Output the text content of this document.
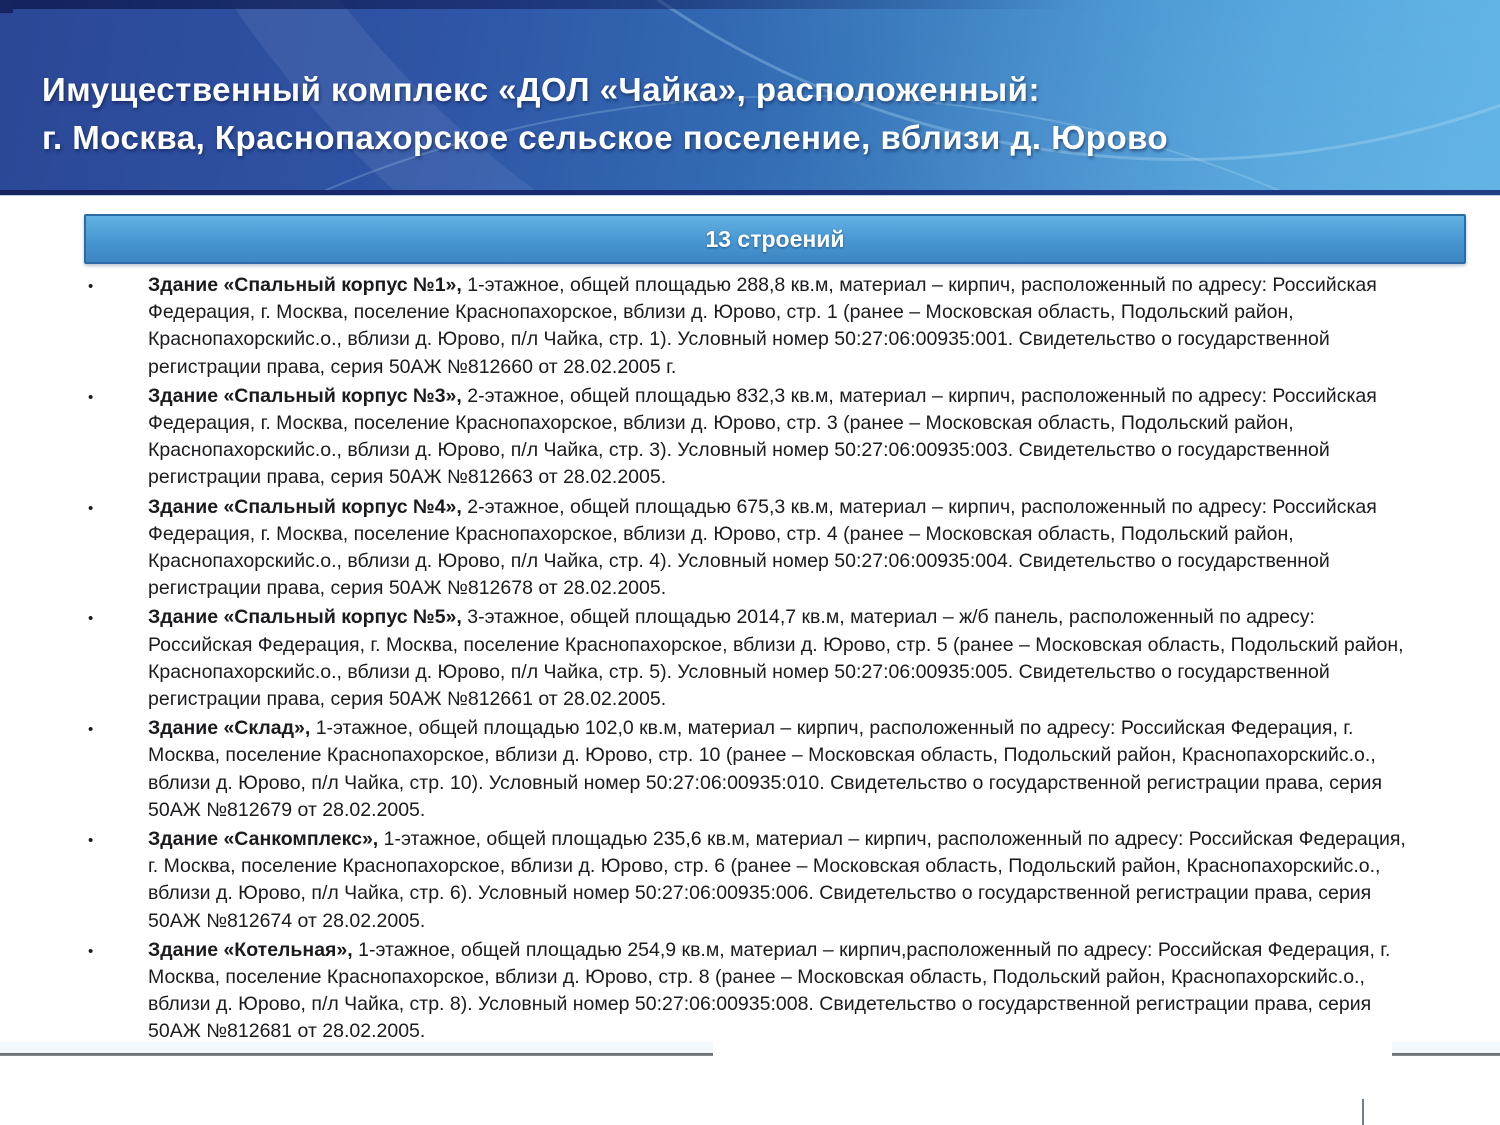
Имущественный комплекс «ДОЛ «Чайка», расположенный:
г. Москва, Краснопахорское сельское поселение, вблизи д. Юрово
13 строений
•	Здание «Спальный корпус №1», 1-этажное, общей площадью 288,8 кв.м, материал – кирпич, расположенный по адресу: Российская Федерация, г. Москва, поселение Краснопахорское, вблизи д. Юрово, стр. 1 (ранее – Московская область, Подольский район, Краснопахорскийс.о., вблизи д. Юрово, п/л Чайка, стр. 1). Условный номер 50:27:06:00935:001. Свидетельство о государственной регистрации права, серия 50АЖ №812660 от 28.02.2005 г.
•	Здание «Спальный корпус №3», 2-этажное, общей площадью 832,3 кв.м, материал – кирпич, расположенный по адресу: Российская Федерация, г. Москва, поселение Краснопахорское, вблизи д. Юрово, стр. 3 (ранее – Московская область, Подольский район, Краснопахорскийс.о., вблизи д. Юрово, п/л Чайка, стр. 3). Условный номер 50:27:06:00935:003. Свидетельство о государственной регистрации права, серия 50АЖ №812663 от 28.02.2005.
•	Здание «Спальный корпус №4», 2-этажное, общей площадью 675,3 кв.м, материал – кирпич, расположенный по адресу: Российская Федерация, г. Москва, поселение Краснопахорское, вблизи д. Юрово, стр. 4 (ранее – Московская область, Подольский район, Краснопахорскийс.о., вблизи д. Юрово, п/л Чайка, стр. 4). Условный номер 50:27:06:00935:004. Свидетельство о государственной регистрации права, серия 50АЖ №812678 от 28.02.2005.
•	Здание «Спальный корпус №5», 3-этажное, общей площадью 2014,7 кв.м, материал – ж/б панель, расположенный по адресу: Российская Федерация, г. Москва, поселение Краснопахорское, вблизи д. Юрово, стр. 5 (ранее – Московская область, Подольский район, Краснопахорскийс.о., вблизи д. Юрово, п/л Чайка, стр. 5). Условный номер 50:27:06:00935:005. Свидетельство о государственной регистрации права, серия 50АЖ №812661 от 28.02.2005.
•	Здание «Склад», 1-этажное, общей площадью 102,0 кв.м, материал – кирпич, расположенный по адресу: Российская Федерация, г. Москва, поселение Краснопахорское, вблизи д. Юрово, стр. 10 (ранее – Московская область, Подольский район, Краснопахорскийс.о., вблизи д. Юрово, п/л Чайка, стр. 10). Условный номер 50:27:06:00935:010. Свидетельство о государственной регистрации права, серия 50АЖ №812679 от 28.02.2005.
•	Здание «Санкомплекс», 1-этажное, общей площадью 235,6 кв.м, материал – кирпич, расположенный по адресу: Российская Федерация, г. Москва, поселение Краснопахорское, вблизи д. Юрово, стр. 6 (ранее – Московская область, Подольский район, Краснопахорскийс.о., вблизи д. Юрово, п/л Чайка, стр. 6). Условный номер 50:27:06:00935:006. Свидетельство о государственной регистрации права, серия 50АЖ №812674 от 28.02.2005.
•	Здание «Котельная», 1-этажное, общей площадью 254,9 кв.м, материал – кирпич,расположенный по адресу: Российская Федерация, г. Москва, поселение Краснопахорское, вблизи д. Юрово, стр. 8 (ранее – Московская область, Подольский район, Краснопахорскийс.о., вблизи д. Юрово, п/л Чайка, стр. 8). Условный номер 50:27:06:00935:008. Свидетельство о государственной регистрации права, серия 50АЖ №812681 от 28.02.2005.
